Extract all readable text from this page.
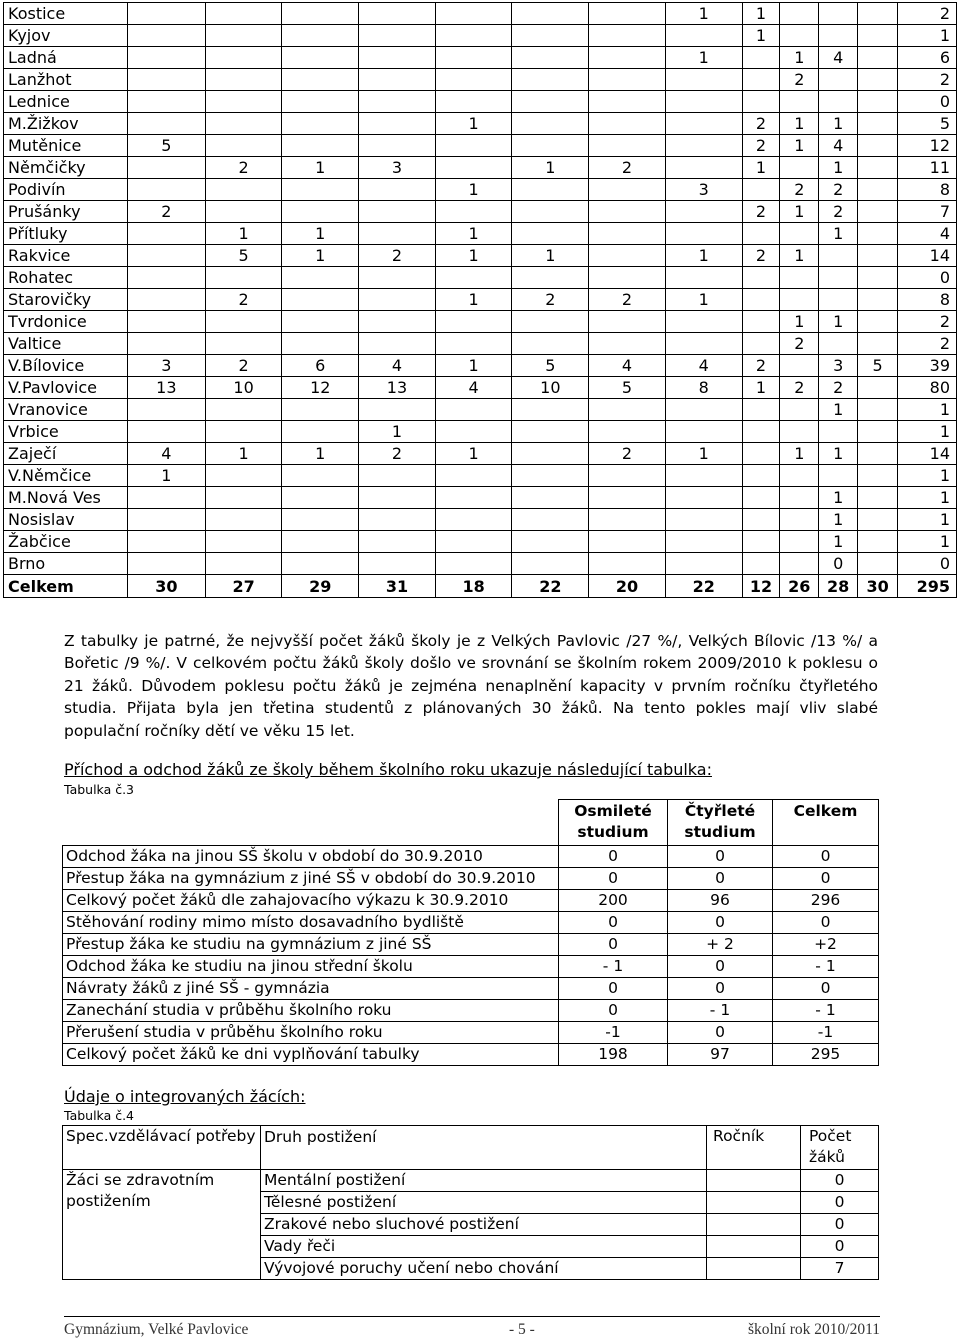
Kostice								1	1				2
Kyjov									1				1
Ladná								1		1	4		6
Lanžhot										2			2
Lednice													0
M.Žižkov					1				2	1	1		5
Mutěnice	5								2	1	4		12
Němčičky		2	1	3		1	2		1		1		11
Podivín					1			3		2	2		8
Prušánky	2								2	1	2		7
Přítluky		1	1		1						1		4
Rakvice		5	1	2	1	1		1	2	1			14
Rohatec													0
Starovičky		2			1	2	2	1					8
Tvrdonice										1	1		2
Valtice										2			2
V.Bílovice	3	2	6	4	1	5	4	4	2		3	5	39
V.Pavlovice	13	10	12	13	4	10	5	8	1	2	2		80
Vranovice											1		1
Vrbice				1									1
Zaječí	4	1	1	2	1		2	1		1	1		14
V.Němčice	1												1
M.Nová Ves											1		1
Nosislav											1		1
Žabčice											1		1
Brno											0		0
Celkem	30	27	29	31	18	22	20	22	12	26	28	30	295
Z tabulky je patrné, že nejvyšší počet žáků školy je z Velkých Pavlovic /27 %/, Velkých Bílovic /13 %/ a Bořetic /9 %/. V celkovém počtu žáků školy došlo ve srovnání se školním rokem 2009/2010 k poklesu o 21 žáků. Důvodem poklesu počtu žáků je zejména nenaplnění kapacity v prvním ročníku čtyřletého studia. Přijata byla jen třetina studentů z plánovaných 30 žáků. Na tento pokles mají vliv slabé populační ročníky dětí ve věku 15 let.
Příchod a odchod žáků ze školy během školního roku ukazuje následující tabulka:
Tabulka č.3
	Osmileté studium	Čtyřleté studium	Celkem
Odchod žáka na jinou SŠ školu v období do 30.9.2010	0	0	0
Přestup žáka na gymnázium z jiné SŠ v období do 30.9.2010	0	0	0
Celkový počet žáků dle zahajovacího výkazu k 30.9.2010	200	96	296
Stěhování rodiny mimo místo dosavadního bydliště	0	0	0
Přestup žáka ke studiu na gymnázium z jiné SŠ	0	+ 2	+2
Odchod žáka ke studiu na jinou střední školu	- 1	0	- 1
Návraty žáků z jiné SŠ - gymnázia	0	0	0
Zanechání studia v průběhu školního roku	0	- 1	- 1
Přerušení studia v průběhu školního roku	-1	0	-1
Celkový počet žáků ke dni vyplňování tabulky	198	97	295
Údaje o integrovaných žácích:
Tabulka č.4
Spec.vzdělávací potřeby	Druh postižení	Ročník	Počet žáků
Žáci se zdravotním postižením	Mentální postižení		0
	Tělesné postižení		0
	Zrakové nebo sluchové postižení		0
	Vady řeči		0
	Vývojové poruchy učení nebo chování		7
Gymnázium, Velké Pavlovice	- 5 -	školní rok 2010/2011
